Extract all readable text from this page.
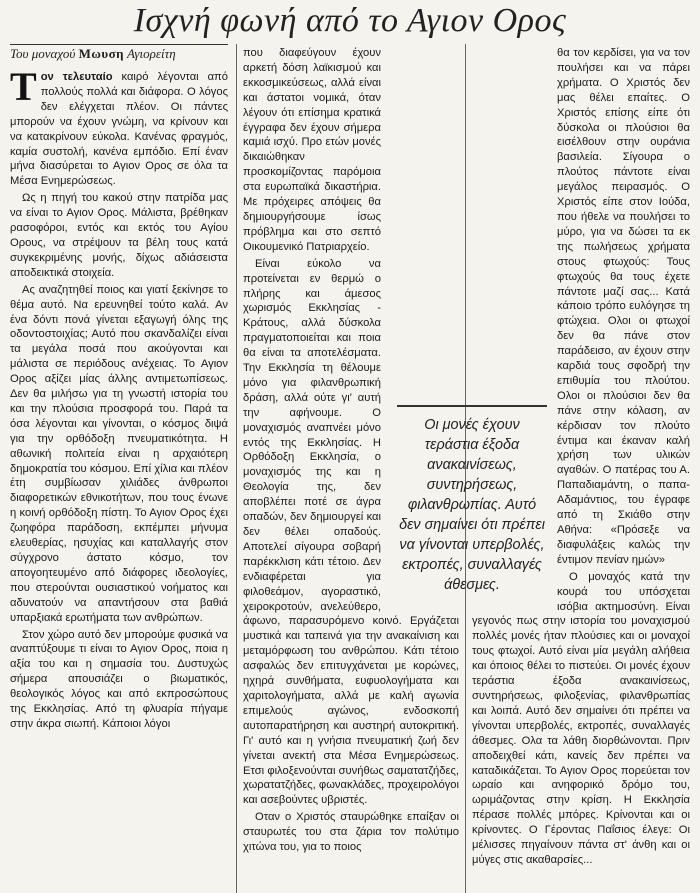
Ισχνή φωνή από το Αγιον Ορος
Του μοναχού Μωυση Αγιορείτη

Τον τελευταίο καιρό λέγονται από πολλούς πολλά και διάφορα. Ο λόγος δεν ελέγχεται πλέον. Οι πάντες μπορούν να έχουν γνώμη, να κρίνουν και να κατακρίνουν εύκολα. Κανένας φραγμός, καμία συστολή, κανένα εμπόδιο. Επί έναν μήνα διασύρεται το Αγιον Ορος σε όλα τα Μέσα Ενημερώσεως.

Ως η πηγή του κακού στην πατρίδα μας να είναι το Αγιον Ορος. Μάλιστα, βρέθηκαν ρασοφόροι, εντός και εκτός του Αγίου Ορους, να στρέψουν τα βέλη τους κατά συγκεκριμένης μονής, δίχως αδιάσειστα αποδεικτικά στοιχεία.

Ας αναζητηθεί ποιος και γιατί ξεκίνησε το θέμα αυτό. Να ερευνηθεί τούτο καλά. Αν ένα δόντι πονά γίνεται εξαγωγή όλης της οδοντοστοιχίας; Αυτό που σκανδαλίζει είναι τα μεγάλα ποσά που ακούγονται και μάλιστα σε περιόδους ανέχειας. Το Αγιον Ορος αξίζει μίας άλλης αντιμετωπίσεως. Δεν θα μιλήσω για τη γνωστή ιστορία του και την πλούσια προσφορά του. Παρά τα όσα λέγονται και γίνονται, ο κόσμος διψά για την ορθόδοξη πνευματικότητα. Η αθωνική πολιτεία είναι η αρχαιότερη δημοκρατία του κόσμου. Επί χίλια και πλέον έτη συμβίωσαν χιλιάδες άνθρωποι διαφορετικών εθνικοτήτων, που τους ένωνε η κοινή ορθόδοξη πίστη. Το Αγιον Ορος έχει ζωηφόρα παράδοση, εκπέμπει μήνυμα ελευθερίας, ησυχίας και καταλλαγής στον σύγχρονο άστατο κόσμο, τον απογοητευμένο από διάφορες ιδεολογίες, που στερούνται ουσιαστικού νοήματος και αδυνατούν να απαντήσουν στα βαθιά υπαρξιακά ερωτήματα των ανθρώπων.

Στον χώρο αυτό δεν μπορούμε φυσικά να αναπτύξουμε τι είναι το Αγιον Ορος, ποια η αξία του και η σημασία του. Δυστυχώς σήμερα απουσιάζει ο βιωματικός, θεολογικός λόγος και από εκπροσώπους της Εκκλησίας. Από τη φλυαρία πήγαμε στην άκρα σιωπή. Κάποιοι λόγοι

που διαφεύγουν έχουν αρκετή δόση λαϊκισμού και εκκοσμικεύσεως, αλλά είναι και άστατοι νομικά, όταν λέγουν ότι επίσημα κρατικά έγγραφα δεν έχουν σήμερα καμιά ισχύ. Προ ετών μονές δικαιώθηκαν προσκομίζοντας παρόμοια στα ευρωπαϊκά δικαστήρια. Με πρόχειρες απόψεις θα δημιουργήσουμε ίσως πρόβλημα και στο σεπτό Οικουμενικό Πατριαρχείο.

Είναι εύκολο να προτείνεται εν θερμώ ο πλήρης και άμεσος χωρισμός Εκκλησίας - Κράτους, αλλά δύσκολα πραγματοποιείται και ποια θα είναι τα αποτελέσματα. Την Εκκλησία τη θέλουμε μόνο για φιλανθρωπική δράση, αλλά ούτε γι' αυτή την αφήνουμε. Ο μοναχισμός αναπνέει μόνο εντός της Εκκλησίας. Η Ορθόδοξη Εκκλησία, ο μοναχισμός της και η Θεολογία της, δεν αποβλέπει ποτέ σε άγρα οπαδών, δεν δημιουργεί και δεν θέλει οπαδούς. Αποτελεί σίγουρα σοβαρή παρέκκλιση κάτι τέτοιο. Δεν ενδιαφέρεται για φιλοθεάμον, αγοραστικό, χειροκροτούν, ανελεύθερο, άφωνο, παρασυρόμενο κοινό. Εργάζεται μυστικά και ταπεινά για την ανακαίνιση και μεταμόρφωση του ανθρώπου. Κάτι τέτοιο ασφαλώς δεν επιτυγχάνεται με κορώνες, ηχηρά συνθήματα, ευφυολογήματα και χαριτολογήματα, αλλά με καλή αγωνία επιμελούς αγώνος, ενδοσκοπή αυτοπαρατήρηση και αυστηρή αυτοκριτική. Γι' αυτό και η γνήσια πνευματική ζωή δεν γίνεται ανεκτή στα Μέσα Ενημερώσεως. Ετσι φιλοξενούνται συνήθως σαματατζήδες, χωρατατζήδες, φωνακλάδες, προχειρολόγοι και ασεβούντες υβριστές.

Οταν ο Χριστός σταυρώθηκε επαίξαν οι σταυρωτές του στα ζάρια τον πολύτιμο χιτώνα του, για το ποιος

θα τον κερδίσει, για να τον πουλήσει και να πάρει χρήματα. Ο Χριστός δεν μας θέλει επαίτες. Ο Χριστός επίσης είπε ότι δύσκολα οι πλούσιοι θα εισέλθουν στην ουράνια βασιλεία. Σίγουρα ο πλούτος πάντοτε είναι μεγάλος πειρασμός. Ο Χριστός είπε στον Ιούδα, που ήθελε να πουλήσει το μύρο, για να δώσει τα εκ της πωλήσεως χρήματα στους φτωχούς: Τους φτωχούς θα τους έχετε πάντοτε μαζί σας... Κατά κάποιο τρόπο ευλόγησε τη φτώχεια. Ολοι οι φτωχοί δεν θα πάνε στον παράδεισο, αν έχουν στην καρδιά τους σφοδρή την επιθυμία του πλούτου. Ολοι οι πλούσιοι δεν θα πάνε στην κόλαση, αν κέρδισαν τον πλούτο έντιμα και έκαναν καλή χρήση των υλικών αγαθών. Ο πατέρας του Α. Παπαδιαμάντη, ο παπα-Αδαμάντιος, του έγραφε από τη Σκιάθο στην Αθήνα: «Πρόσεξε να διαφυλάξεις καλώς την έντιμον πενίαν ημών»

Ο μοναχός κατά την κουρά του υπόσχεται ισόβια ακτημοσύνη. Είναι γεγονός πως στην ιστορία του μοναχισμού πολλές μονές ήταν πλούσιες και οι μοναχοί τους φτωχοί. Αυτό είναι μία μεγάλη αλήθεια και όποιος θέλει το πιστεύει. Οι μονές έχουν τεράστια έξοδα ανακαινίσεως, συντηρήσεως, φιλοξενίας, φιλανθρωπίας και λοιπά. Αυτό δεν σημαίνει ότι πρέπει να γίνονται υπερβολές, εκτροπές, συναλλαγές άθεσμες. Ολα τα λάθη διορθώνονται. Πριν αποδειχθεί κάτι, κανείς δεν πρέπει να καταδικάζεται. Το Αγιον Ορος πορεύεται τον ωραίο και ανηφορικό δρόμο του, ωριμάζοντας στην κρίση. Η Εκκλησία πέρασε πολλές μπόρες. Κρίνονται και οι κρίνοντες. Ο Γέροντας Παΐσιος έλεγε: Οι μέλισσες πηγαίνουν πάντα στ' άνθη και οι μύγες στις ακαθαρσίες...

Οι μονές έχουν τεράστια έξοδα ανακαινίσεως, συντηρήσεως, φιλανθρωπίας. Αυτό δεν σημαίνει ότι πρέπει να γίνονται υπερβολές, εκτροπές, συναλλαγές άθεσμες.
